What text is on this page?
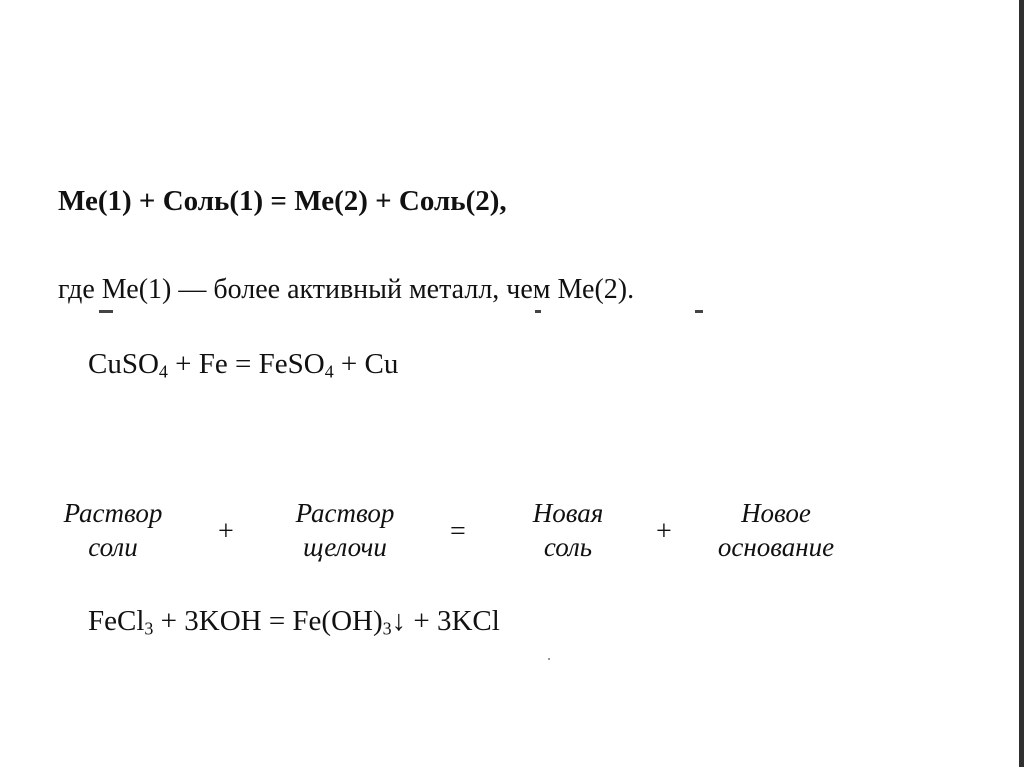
Ме(1) + Соль(1) = Ме(2) + Соль(2),
где Ме(1) — более активный металл, чем Ме(2).
CuSO$_4$ + Fe = FeSO$_4$ + Cu
Раствор
соли	+
Раствор
щелочи	=
Новая
соль	+
Новое
основание
FeCl$_3$ + $3KOH = Fe(OH)_3↓ + 3KCl$
